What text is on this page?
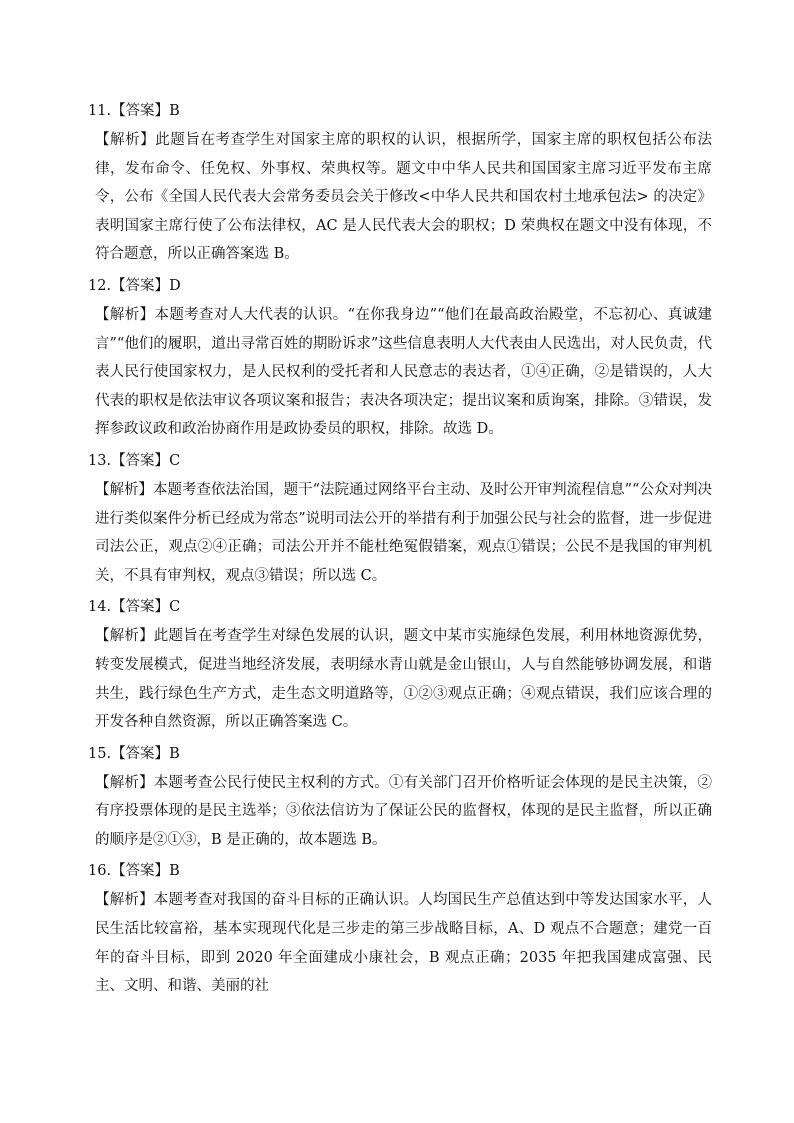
11.【答案】B

【解析】此题旨在考查学生对国家主席的职权的认识，根据所学，国家主席的职权包括公布法律，发布命令、任免权、外事权、荣典权等。题文中中华人民共和国国家主席习近平发布主席令，公布《全国人民代表大会常务委员会关于修改<中华人民共和国农村土地承包法> 的决定》表明国家主席行使了公布法律权，AC 是人民代表大会的职权；D 荣典权在题文中没有体现，不符合题意，所以正确答案选 B。

12.【答案】D

【解析】本题考查对人大代表的认识。“在你我身边”“他们在最高政治殿堂，不忘初心、真诚建言”“他们的履职，道出寻常百姓的期盼诉求”这些信息表明人大代表由人民选出，对人民负责，代表人民行使国家权力，是人民权利的受托者和人民意志的表达者，①④正确，②是错误的，人大代表的职权是依法审议各项议案和报告；表决各项决定；提出议案和质询案，排除。③错误，发挥参政议政和政治协商作用是政协委员的职权，排除。故选 D。

13.【答案】C

【解析】本题考查依法治国，题干“法院通过网络平台主动、及时公开审判流程信息”“公众对判决进行类似案件分析已经成为常态”说明司法公开的举措有利于加强公民与社会的监督，进一步促进司法公正，观点②④正确；司法公开并不能杜绝冤假错案，观点①错误；公民不是我国的审判机关，不具有审判权，观点③错误；所以选 C。

14.【答案】C

【解析】此题旨在考查学生对绿色发展的认识，题文中某市实施绿色发展，利用林地资源优势，转变发展模式，促进当地经济发展，表明绿水青山就是金山银山，人与自然能够协调发展，和谐共生，践行绿色生产方式，走生态文明道路等，①②③观点正确；④观点错误，我们应该合理的开发各种自然资源，所以正确答案选 C。

15.【答案】B

【解析】本题考查公民行使民主权利的方式。①有关部门召开价格听证会体现的是民主决策，②有序投票体现的是民主选举；③依法信访为了保证公民的监督权，体现的是民主监督，所以正确的顺序是②①③，B 是正确的，故本题选 B。

16.【答案】B

【解析】本题考查对我国的奋斗目标的正确认识。人均国民生产总值达到中等发达国家水平，人民生活比较富裕，基本实现现代化是三步走的第三步战略目标，A、D 观点不合题意；建党一百年的奋斗目标，即到 2020 年全面建成小康社会，B 观点正确；2035 年把我国建成富强、民主、文明、和谐、美丽的社
